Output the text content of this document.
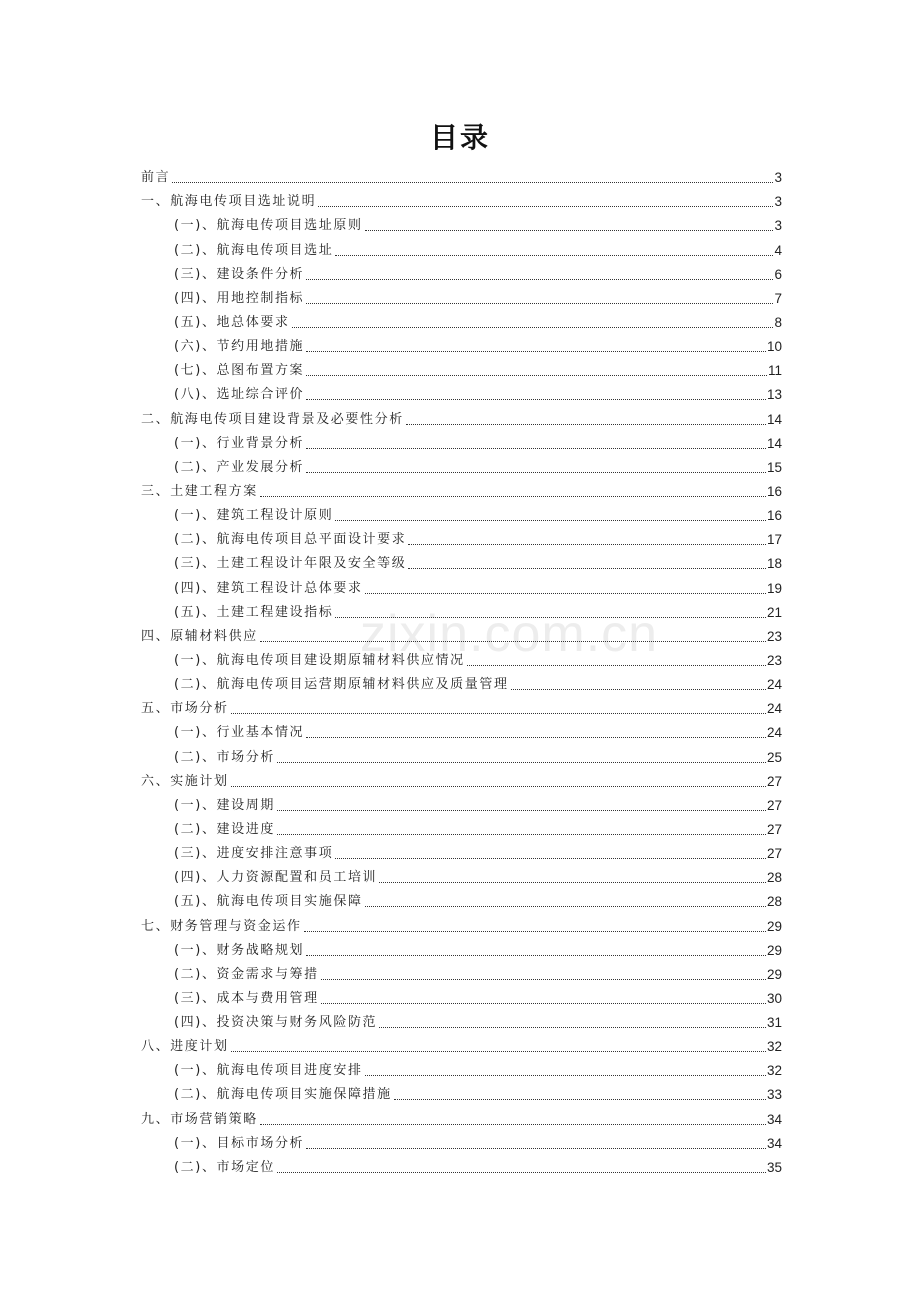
目录
zixin.com.cn
前言	3
一、航海电传项目选址说明	3
(一)、航海电传项目选址原则	3
(二)、航海电传项目选址	4
(三)、建设条件分析	6
(四)、用地控制指标	7
(五)、地总体要求	8
(六)、节约用地措施	10
(七)、总图布置方案	11
(八)、选址综合评价	13
二、航海电传项目建设背景及必要性分析	14
(一)、行业背景分析	14
(二)、产业发展分析	15
三、土建工程方案	16
(一)、建筑工程设计原则	16
(二)、航海电传项目总平面设计要求	17
(三)、土建工程设计年限及安全等级	18
(四)、建筑工程设计总体要求	19
(五)、土建工程建设指标	21
四、原辅材料供应	23
(一)、航海电传项目建设期原辅材料供应情况	23
(二)、航海电传项目运营期原辅材料供应及质量管理	24
五、市场分析	24
(一)、行业基本情况	24
(二)、市场分析	25
六、实施计划	27
(一)、建设周期	27
(二)、建设进度	27
(三)、进度安排注意事项	27
(四)、人力资源配置和员工培训	28
(五)、航海电传项目实施保障	28
七、财务管理与资金运作	29
(一)、财务战略规划	29
(二)、资金需求与筹措	29
(三)、成本与费用管理	30
(四)、投资决策与财务风险防范	31
八、进度计划	32
(一)、航海电传项目进度安排	32
(二)、航海电传项目实施保障措施	33
九、市场营销策略	34
(一)、目标市场分析	34
(二)、市场定位	35
